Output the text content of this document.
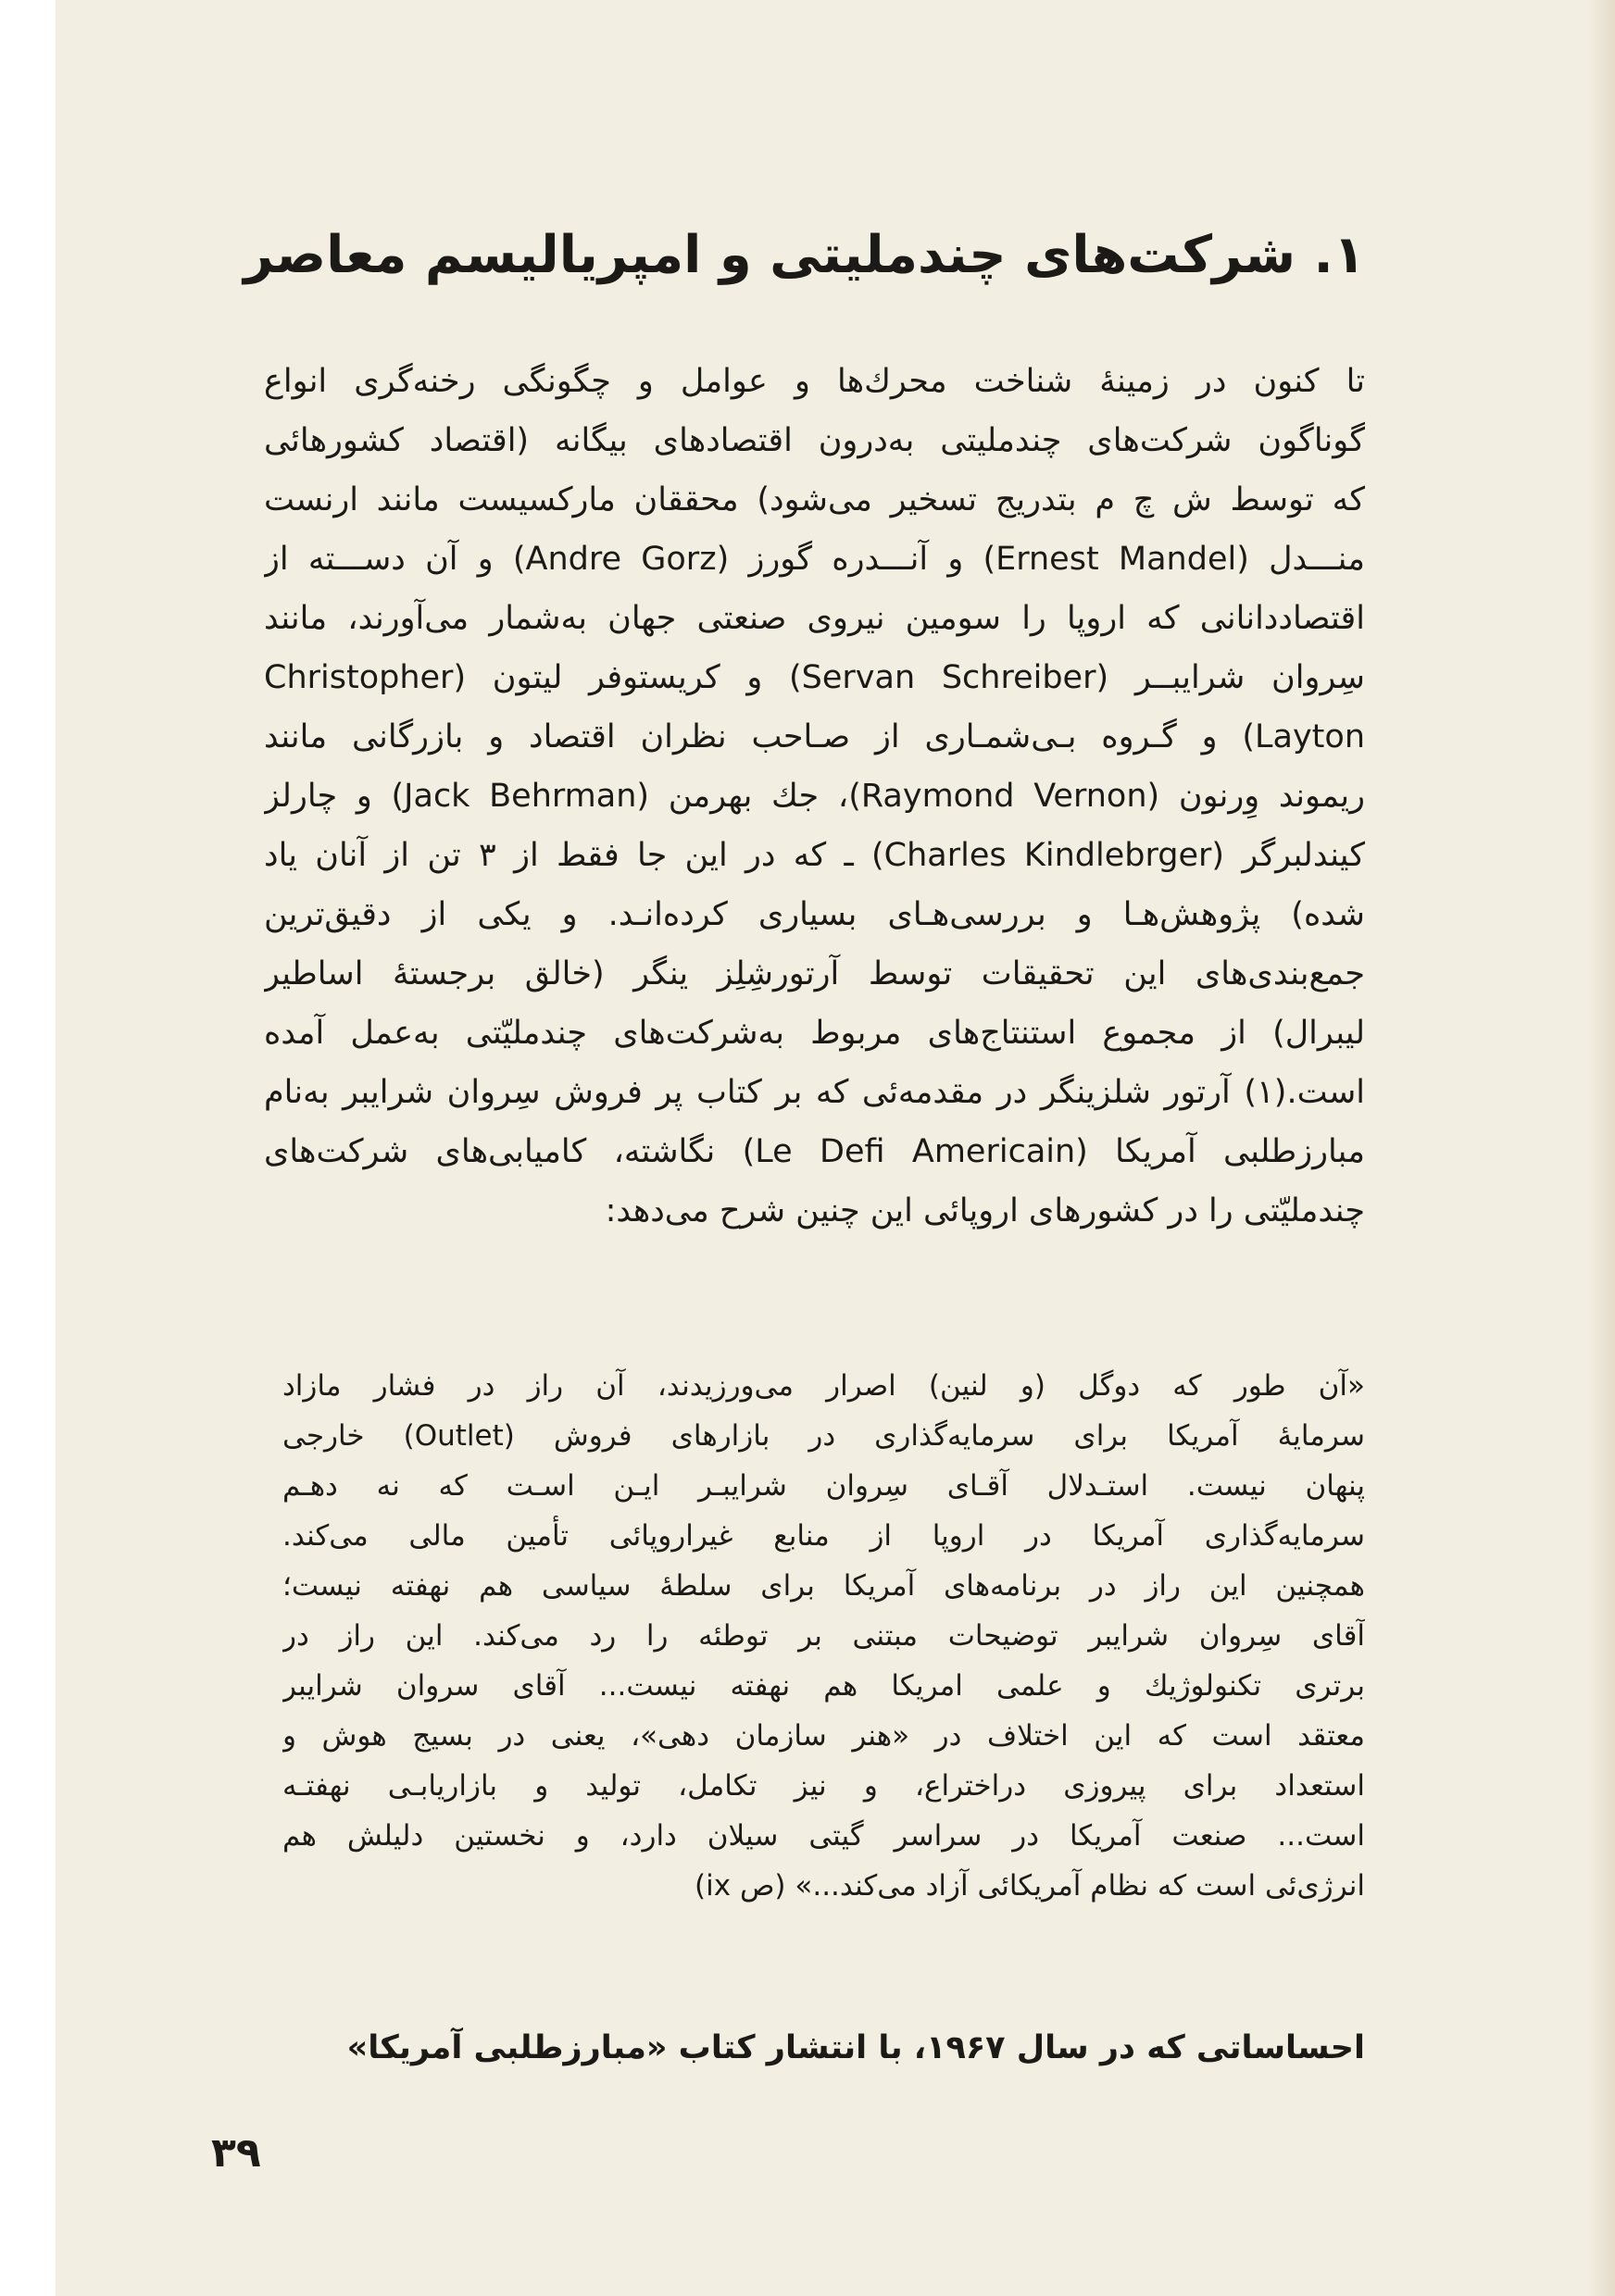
۱. شرکت‌های چندملیتی و امپریالیسم معاصر
تا کنون در زمینهٔ شناخت محرك‌ها و عوامل و چگونگی رخنه‌گری انواع
گوناگون شرکت‌های چندملیتی به‌درون اقتصادهای بیگانه (اقتصاد کشورهائی
که توسط ش چ م بتدریج تسخیر می‌شود) محققان مارکسیست مانند ارنست
منـــدل (Ernest Mandel) و آنـــدره گورز (Andre Gorz) و آن دســـته از
اقتصاددانانی که اروپا را سومین نیروی صنعتی جهان به‌شمار می‌آورند، مانند
سِروان شرایبــر (Servan Schreiber) و کریستوفر لیتون (Christopher
Layton) و گـروه بـی‌شمـاری از صـاحب نظران اقتصاد و بازرگانی مانند
ریموند وِرنون (Raymond Vernon)، جك بهرمن (Jack Behrman) و چارلز
کیندلبرگر (Charles Kindlebrger) ـ که در این جا فقط از ۳ تن از آنان یاد
شده) پژوهش‌هـا و بررسی‌هـای بسیاری کرده‌انـد. و یکی از دقیق‌ترین
جمع‌بندی‌های این تحقیقات توسط آرتورشِلِز ینگر (خالق برجستهٔ اساطیر
لیبرال) از مجموع استنتاج‌های مربوط به‌شرکت‌های چندملیّتی به‌عمل آمده
است.(۱) آرتور شلزینگر در مقدمه‌ئی که بر کتاب پر فروش سِروان شرایبر به‌نام
مبارزطلبی آمریکا (Le Defi Americain) نگاشته، کامیابی‌های شرکت‌های
چندملیّتی را در کشورهای اروپائی این چنین شرح می‌دهد:
«آن طور که دوگل (و لنین) اصرار می‌ورزیدند، آن راز در فشار مازاد
سرمایهٔ آمریکا برای سرمایه‌گذاری در بازارهای فروش (Outlet) خارجی
پنهان نیست. استـدلال آقـای سِروان شرایبـر ایـن اسـت که نه دهـم
سرمایه‌گذاری آمریکا در اروپا از منابع غیراروپائی تأمین مالی می‌کند.
همچنین این راز در برنامه‌های آمریکا برای سلطهٔ سیاسی هم نهفته نیست؛
آقای سِروان شرایبر توضیحات مبتنی بر توطئه را رد می‌کند. این راز در
برتری تکنولوژیك و علمی امریکا هم نهفته نیست... آقای سروان شرایبر
معتقد است که این اختلاف در «هنر سازمان دهی»، یعنی در بسیج هوش و
استعداد برای پیروزی دراختراع، و نیز تکامل، تولید و بازاریابـی نهفتـه
است... صنعت آمریکا در سراسر گیتی سیلان دارد، و نخستین دلیلش هم
انرژی‌ئی است که نظام آمریکائی آزاد می‌کند...» (ص ix)
احساساتی که در سال ۱۹۶۷، با انتشار کتاب «مبارزطلبی آمریکا»
۳۹
